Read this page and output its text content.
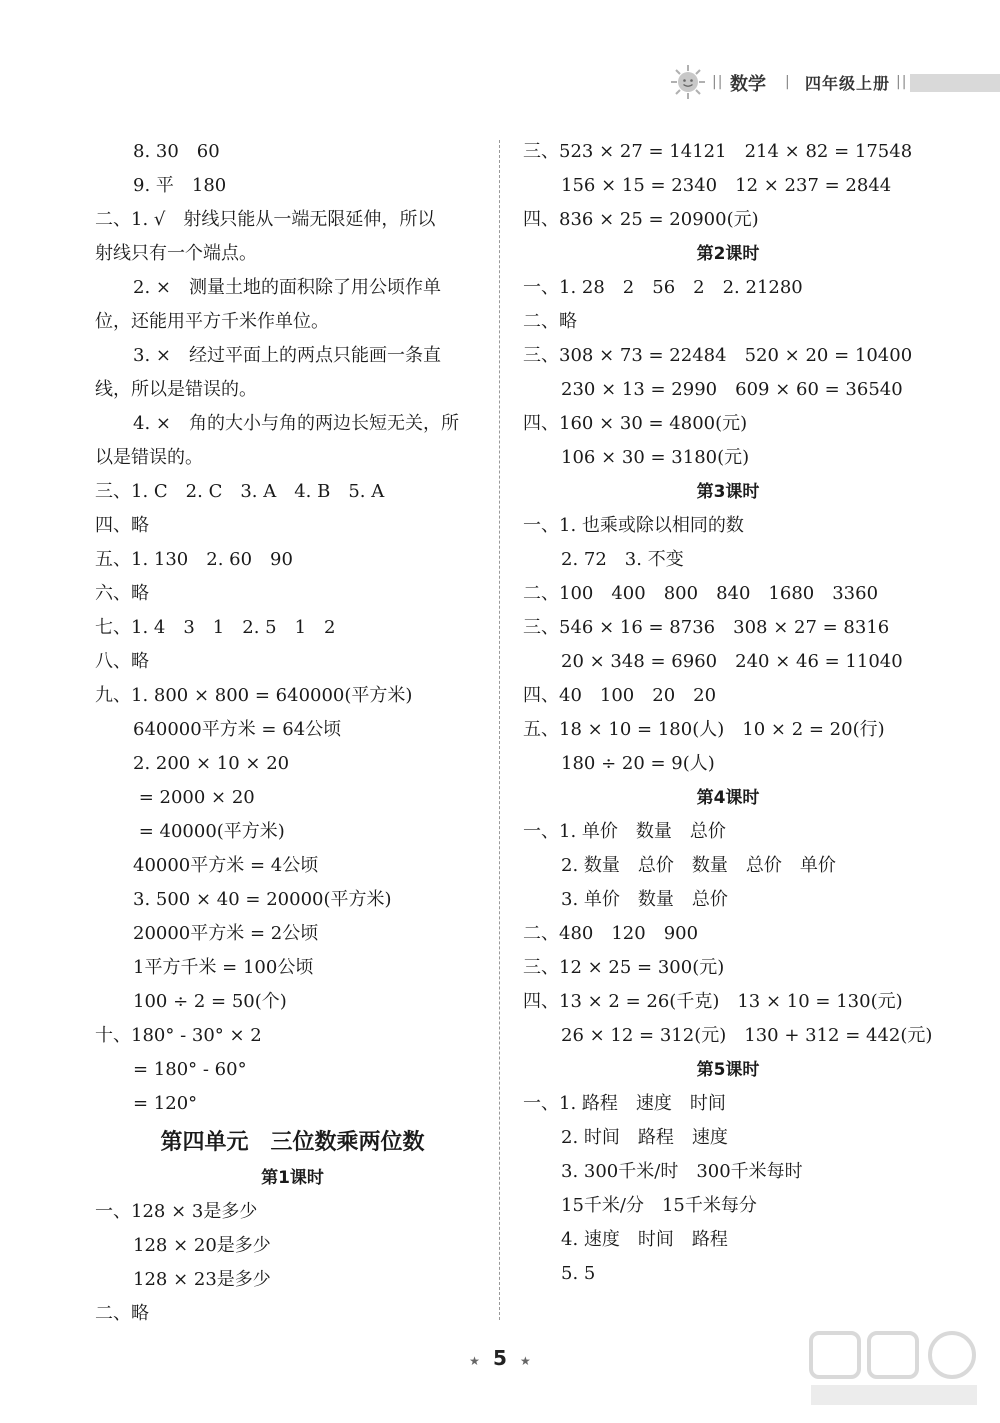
|| 数学 | 四年级上册 ||
8. 30　60
9. 平　180
二、1. √　射线只能从一端无限延伸，所以
射线只有一个端点。
2. ×　测量土地的面积除了用公顷作单
位，还能用平方千米作单位。
3. ×　经过平面上的两点只能画一条直
线，所以是错误的。
4. ×　角的大小与角的两边长短无关，所
以是错误的。
三、1. C　2. C　3. A　4. B　5. A
四、略
五、1. 130　2. 60　90
六、略
七、1. 4　3　1　2. 5　1　2
八、略
九、1. 800 × 800 = 640000(平方米)
640000平方米 = 64公顷
2. 200 × 10 × 20
= 2000 × 20
= 40000(平方米)
40000平方米 = 4公顷
3. 500 × 40 = 20000(平方米)
20000平方米 = 2公顷
1平方千米 = 100公顷
100 ÷ 2 = 50(个)
十、180° - 30° × 2
= 180° - 60°
= 120°
第四单元　三位数乘两位数
第1课时
一、128 × 3是多少
128 × 20是多少
128 × 23是多少
二、略
三、523 × 27 = 14121　214 × 82 = 17548
156 × 15 = 2340　12 × 237 = 2844
四、836 × 25 = 20900(元)
第2课时
一、1. 28　2　56　2　2. 21280
二、略
三、308 × 73 = 22484　520 × 20 = 10400
230 × 13 = 2990　609 × 60 = 36540
四、160 × 30 = 4800(元)
106 × 30 = 3180(元)
第3课时
一、1. 也乘或除以相同的数
2. 72　3. 不变
二、100　400　800　840　1680　3360
三、546 × 16 = 8736　308 × 27 = 8316
20 × 348 = 6960　240 × 46 = 11040
四、40　100　20　20
五、18 × 10 = 180(人)　10 × 2 = 20(行)
180 ÷ 20 = 9(人)
第4课时
一、1. 单价　数量　总价
2. 数量　总价　数量　总价　单价
3. 单价　数量　总价
二、480　120　900
三、12 × 25 = 300(元)
四、13 × 2 = 26(千克)　13 × 10 = 130(元)
26 × 12 = 312(元)　130 + 312 = 442(元)
第5课时
一、1. 路程　速度　时间
2. 时间　路程　速度
3. 300千米/时　300千米每时
15千米/分　15千米每分
4. 速度　时间　路程
5. 5
★ 5 ★
